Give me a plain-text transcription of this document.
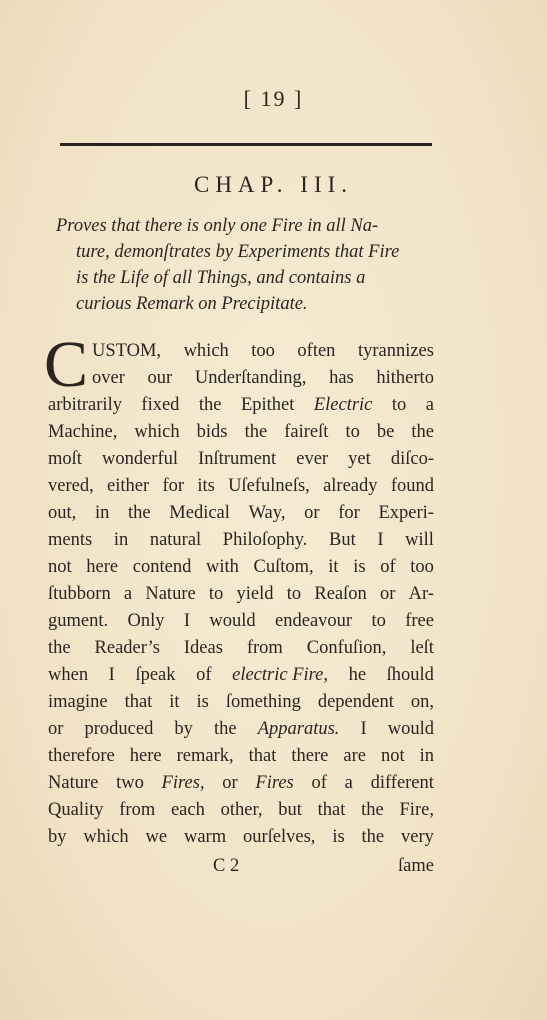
[ 19 ]
CHAP. III.
Proves that there is only one Fire in all Na-
ture, demonſtrates by Experiments that Fire
is the Life of all Things, and contains a
curious Remark on Precipitate.
C USTOM, which too often tyrannizes
over our Underſtanding, has hitherto
arbitrarily fixed the Epithet Electric to a
Machine, which bids the faireſt to be the
moſt wonderful Inſtrument ever yet diſco-
vered, either for its Uſefulneſs, already found
out, in the Medical Way, or for Experi-
ments in natural Philoſophy. But I will
not here contend with Cuſtom, it is of too
ſtubborn a Nature to yield to Reaſon or Ar-
gument. Only I would endeavour to free
the Reader’s Ideas from Confuſion, leſt
when I ſpeak of electric Fire, he ſhould
imagine that it is ſomething dependent on,
or produced by the Apparatus. I would
therefore here remark, that there are not in
Nature two Fires, or Fires of a different
Quality from each other, but that the Fire,
by which we warm ourſelves, is the very
C 2	ſame
